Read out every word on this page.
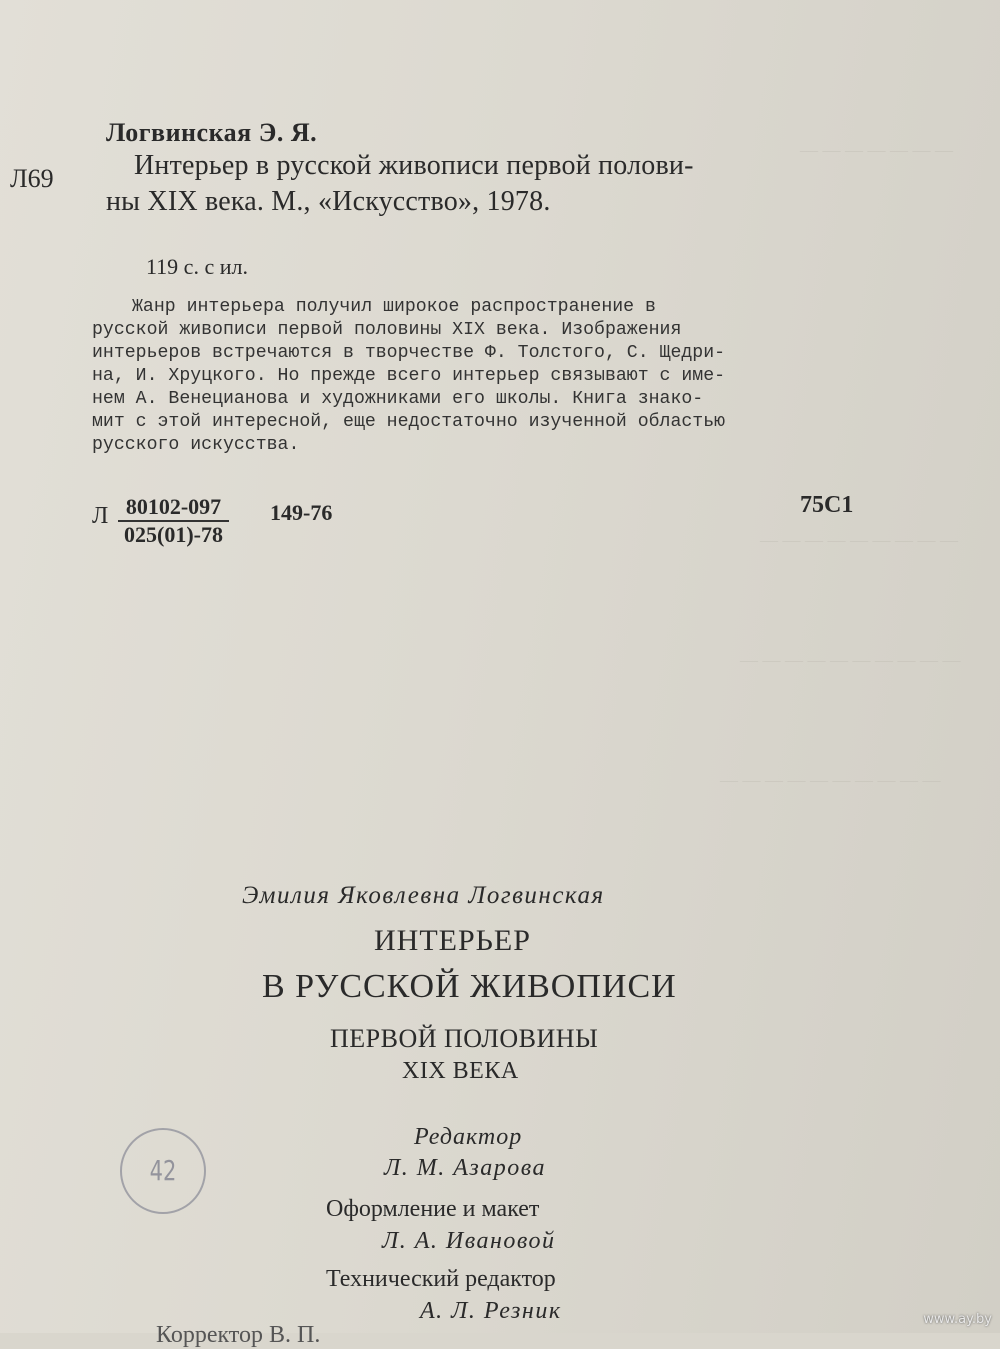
— — — — — — —
— — — — — — — — —
— — — — — — — — — —
— — — — — — — — — —
Логвинская Э. Я.
Л69	Интерьер в русской живописи первой полови-
ны XIX века. М., «Искусство», 1978.
119 с. с ил.
Жанр интерьера получил широкое распространение в
русской живописи первой половины XIX века. Изображения
интерьеров встречаются в творчестве Ф. Толстого, С. Щедри-
на, И. Хруцкого. Но прежде всего интерьер связывают с име-
нем А. Венецианова и художниками его школы. Книга знако-
мит с этой интересной, еще недостаточно изученной областью
русского искусства.
Л $\frac{80102-097}{025(01)-78} 149-76$	75С1
Эмилия Яковлевна Логвинская
ИНТЕРЬЕР
В РУССКОЙ ЖИВОПИСИ
ПЕРВОЙ ПОЛОВИНЫ
XIX ВЕКА
Редактор
Л. М. Азарова
Оформление и макет
Л. А. Ивановой
Технический редактор
А. Л. Резник
Корректор В. П.
42
www.ay.by
